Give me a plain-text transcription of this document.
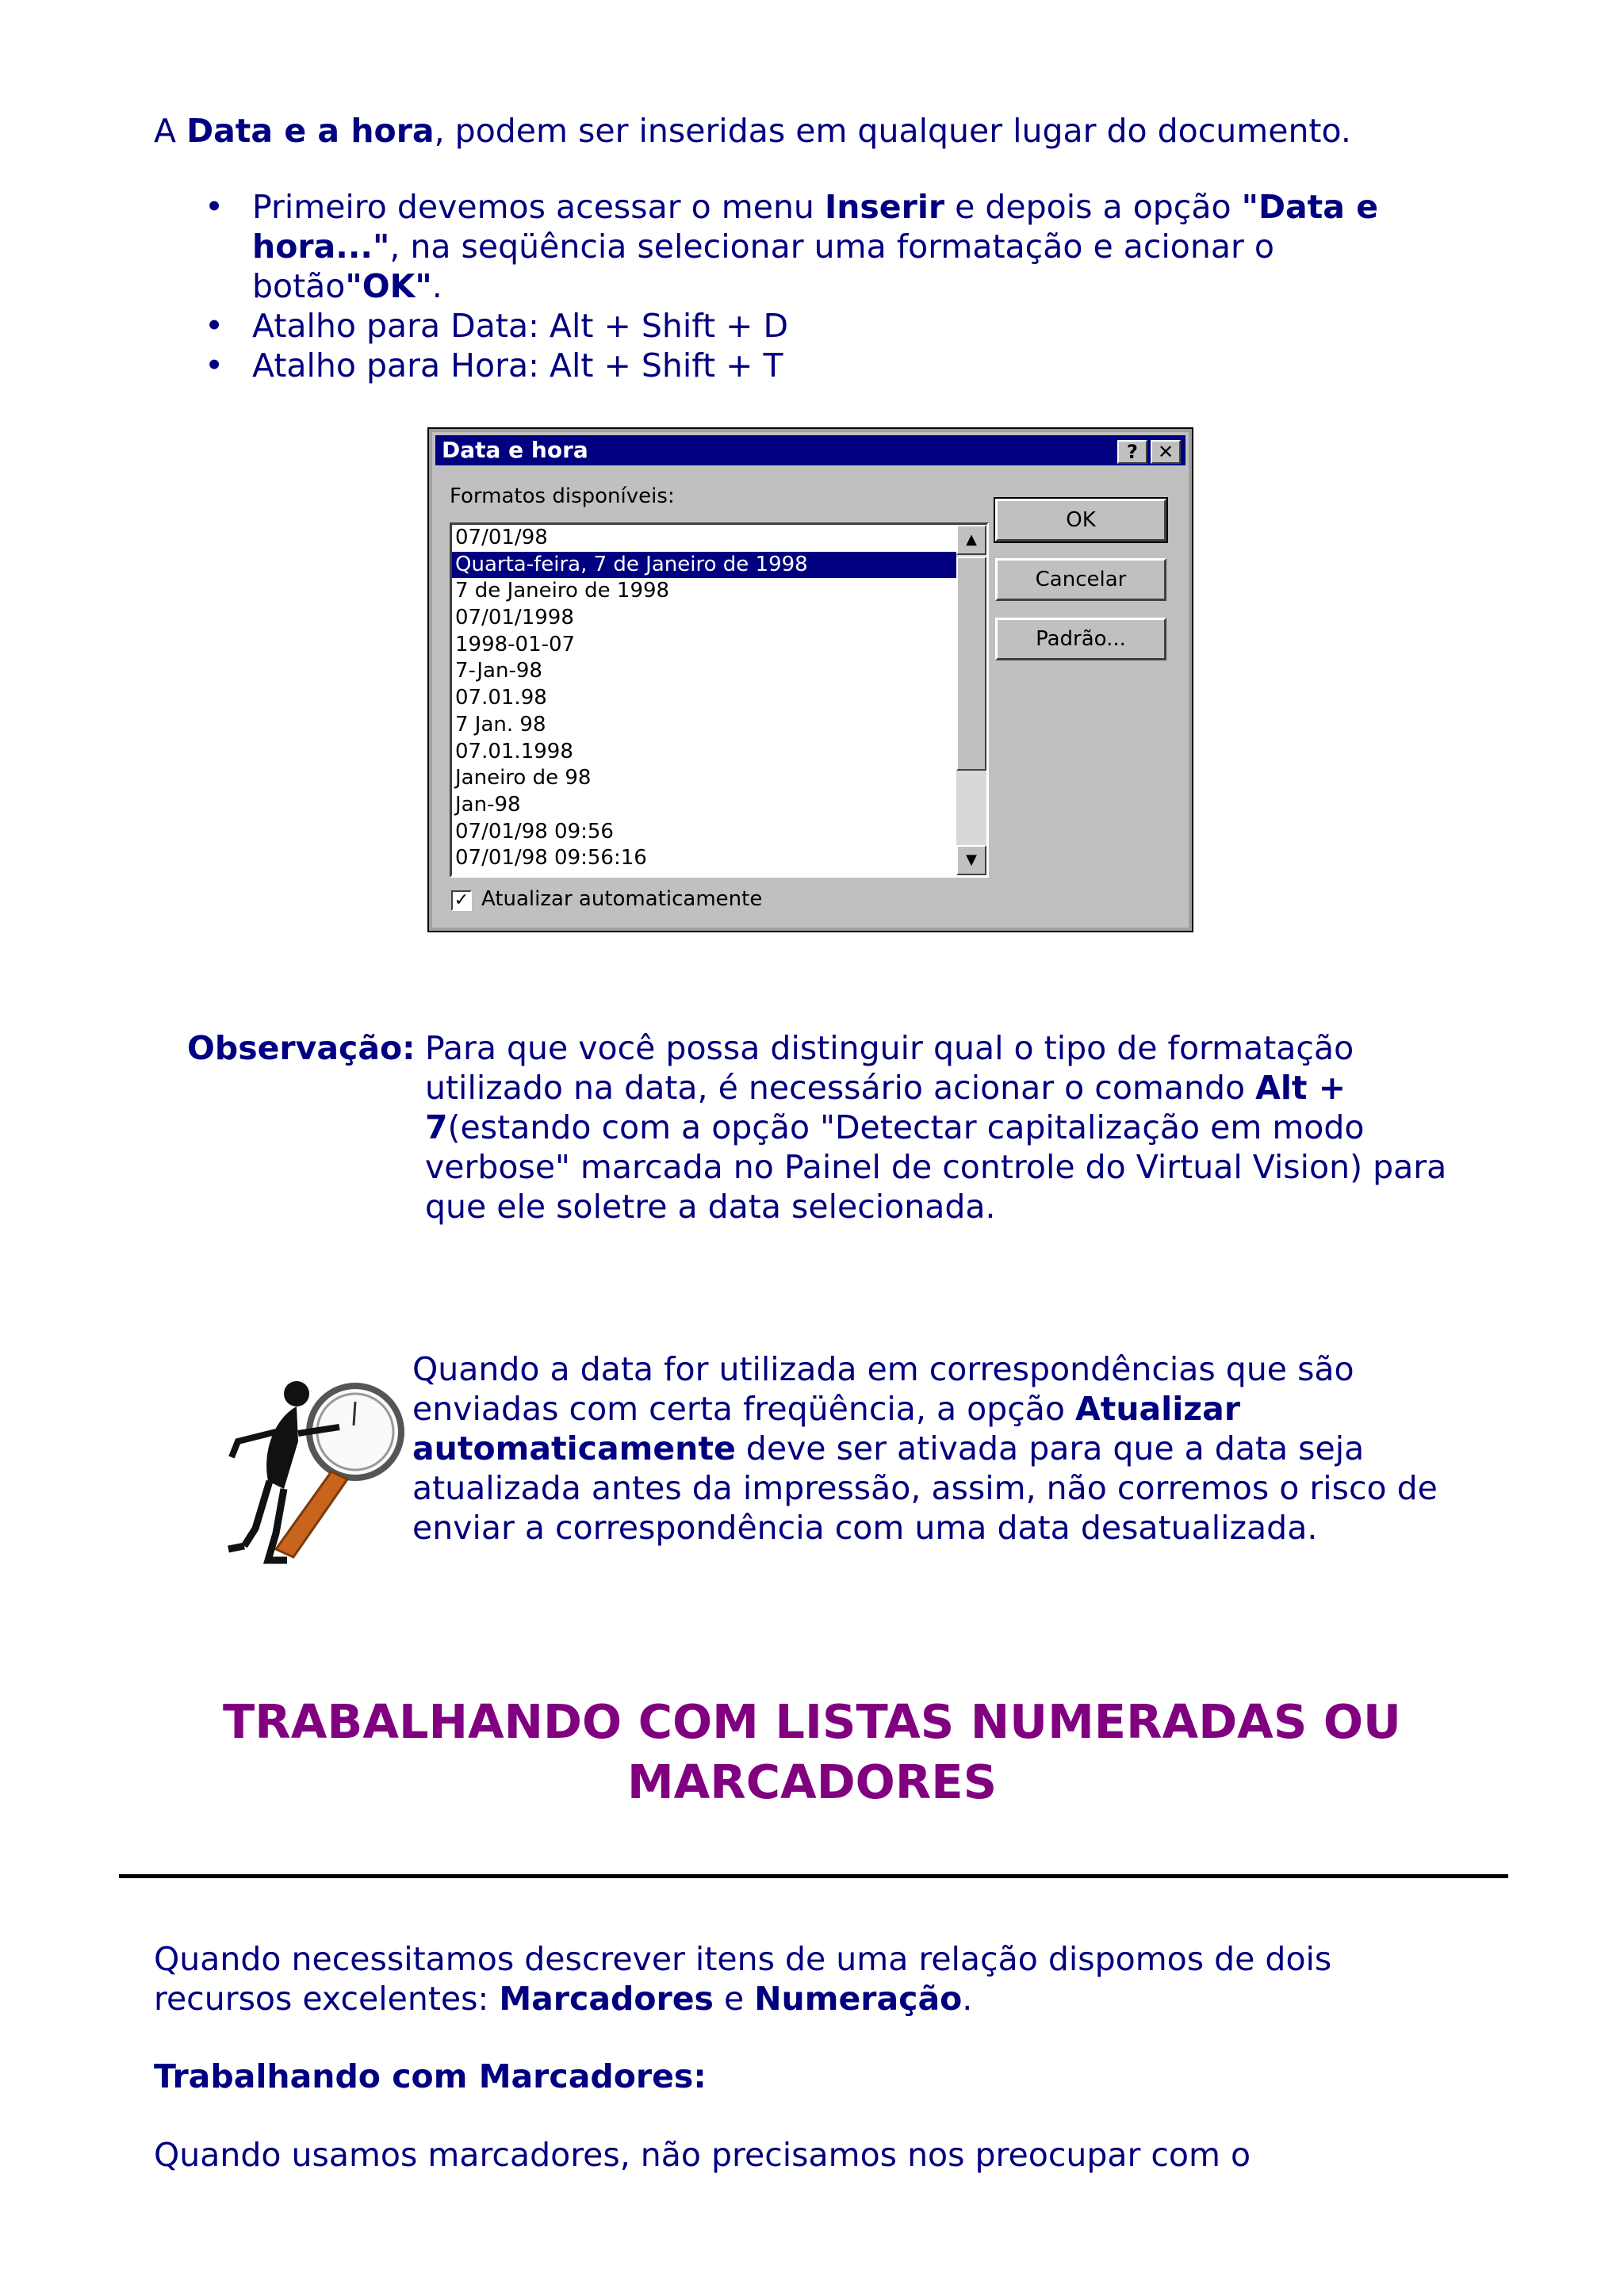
A Data e a hora, podem ser inseridas em qualquer lugar do documento.

• Primeiro devemos acessar o menu Inserir e depois a opção "Data e hora...", na seqüência selecionar uma formatação e acionar o botão"OK".
• Atalho para Data: Alt + Shift + D
• Atalho para Hora: Alt + Shift + T
Data e hora	?	✕
Formatos disponíveis:
07/01/98
Quarta-feira, 7 de Janeiro de 1998
7 de Janeiro de 1998
07/01/1998
1998-01-07
7-Jan-98
07.01.98
7 Jan. 98
07.01.1998
Janeiro de 98
Jan-98
07/01/98 09:56
07/01/98 09:56:16
▲
▼
OK
Cancelar
Padrão...
✓ Atualizar automaticamente
Observação: Para que você possa distinguir qual o tipo de formatação utilizado na data, é necessário acionar o comando Alt + 7(estando com a opção "Detectar capitalização em modo verbose" marcada no Painel de controle do Virtual Vision) para que ele soletre a data selecionada.

Quando a data for utilizada em correspondências que são enviadas com certa freqüência, a opção Atualizar automaticamente deve ser ativada para que a data seja atualizada antes da impressão, assim, não corremos o risco de enviar a correspondência com uma data desatualizada.

TRABALHANDO COM LISTAS NUMERADAS OU MARCADORES

Quando necessitamos descrever itens de uma relação dispomos de dois recursos excelentes: Marcadores e Numeração.

Trabalhando com Marcadores:

Quando usamos marcadores, não precisamos nos preocupar com o
